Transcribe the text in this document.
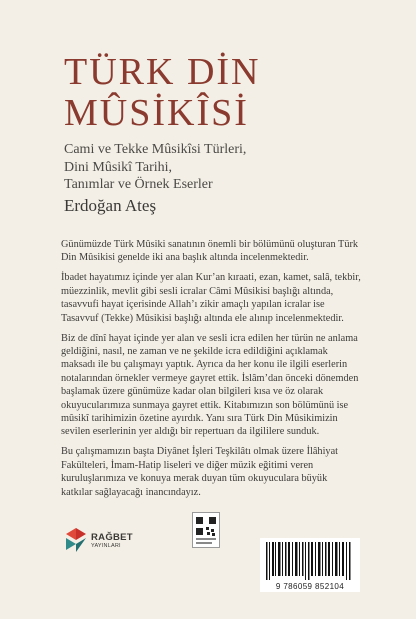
TÜRK DİN
MÛSİKÎSİ
Cami ve Tekke Mûsikîsi Türleri,
Dini Mûsikî Tarihi,
Tanımlar ve Örnek Eserler
Erdoğan Ateş

Günümüzde Türk Mûsiki sanatının önemli bir bölümünü oluşturan Türk Din Mûsikisi genelde iki ana başlık altında incelenmektedir.

İbadet hayatımız içinde yer alan Kur’an kıraati, ezan, kamet, salâ, tekbir, müezzinlik, mevlit gibi sesli icralar Câmi Mûsikisi başlığı altında, tasavvufi hayat içerisinde Allah’ı zikir amaçlı yapılan icralar ise Tasavvuf (Tekke) Mûsikisi başlığı altında ele alınıp incelenmektedir.

Biz de dînî hayat içinde yer alan ve sesli icra edilen her türün ne anlama geldiğini, nasıl, ne zaman ve ne şekilde icra edildiğini açıklamak maksadı ile bu çalışmayı yaptık. Ayrıca da her konu ile ilgili eserlerin notalarından örnekler vermeye gayret ettik. İslâm’dan önceki dönemden başlamak üzere günümüze kadar olan bilgileri kısa ve öz olarak okuyucularımıza sunmaya gayret ettik. Kitabımızın son bölümünü ise mûsikî tarihimizin özetine ayırdık. Yanı sıra Türk Din Mûsikimizin sevilen eserlerinin yer aldığı bir repertuarı da ilgililere sunduk.

Bu çalışmamızın başta Diyânet İşleri Teşkilâtı olmak üzere İlâhiyat Fakülteleri, İmam-Hatip liseleri ve diğer müzik eğitimi veren kuruluşlarımıza ve konuya merak duyan tüm okuyuculara büyük katkılar sağlayacağı inancındayız.

RAĞBET
YAYINLARI
9 786059 852104
